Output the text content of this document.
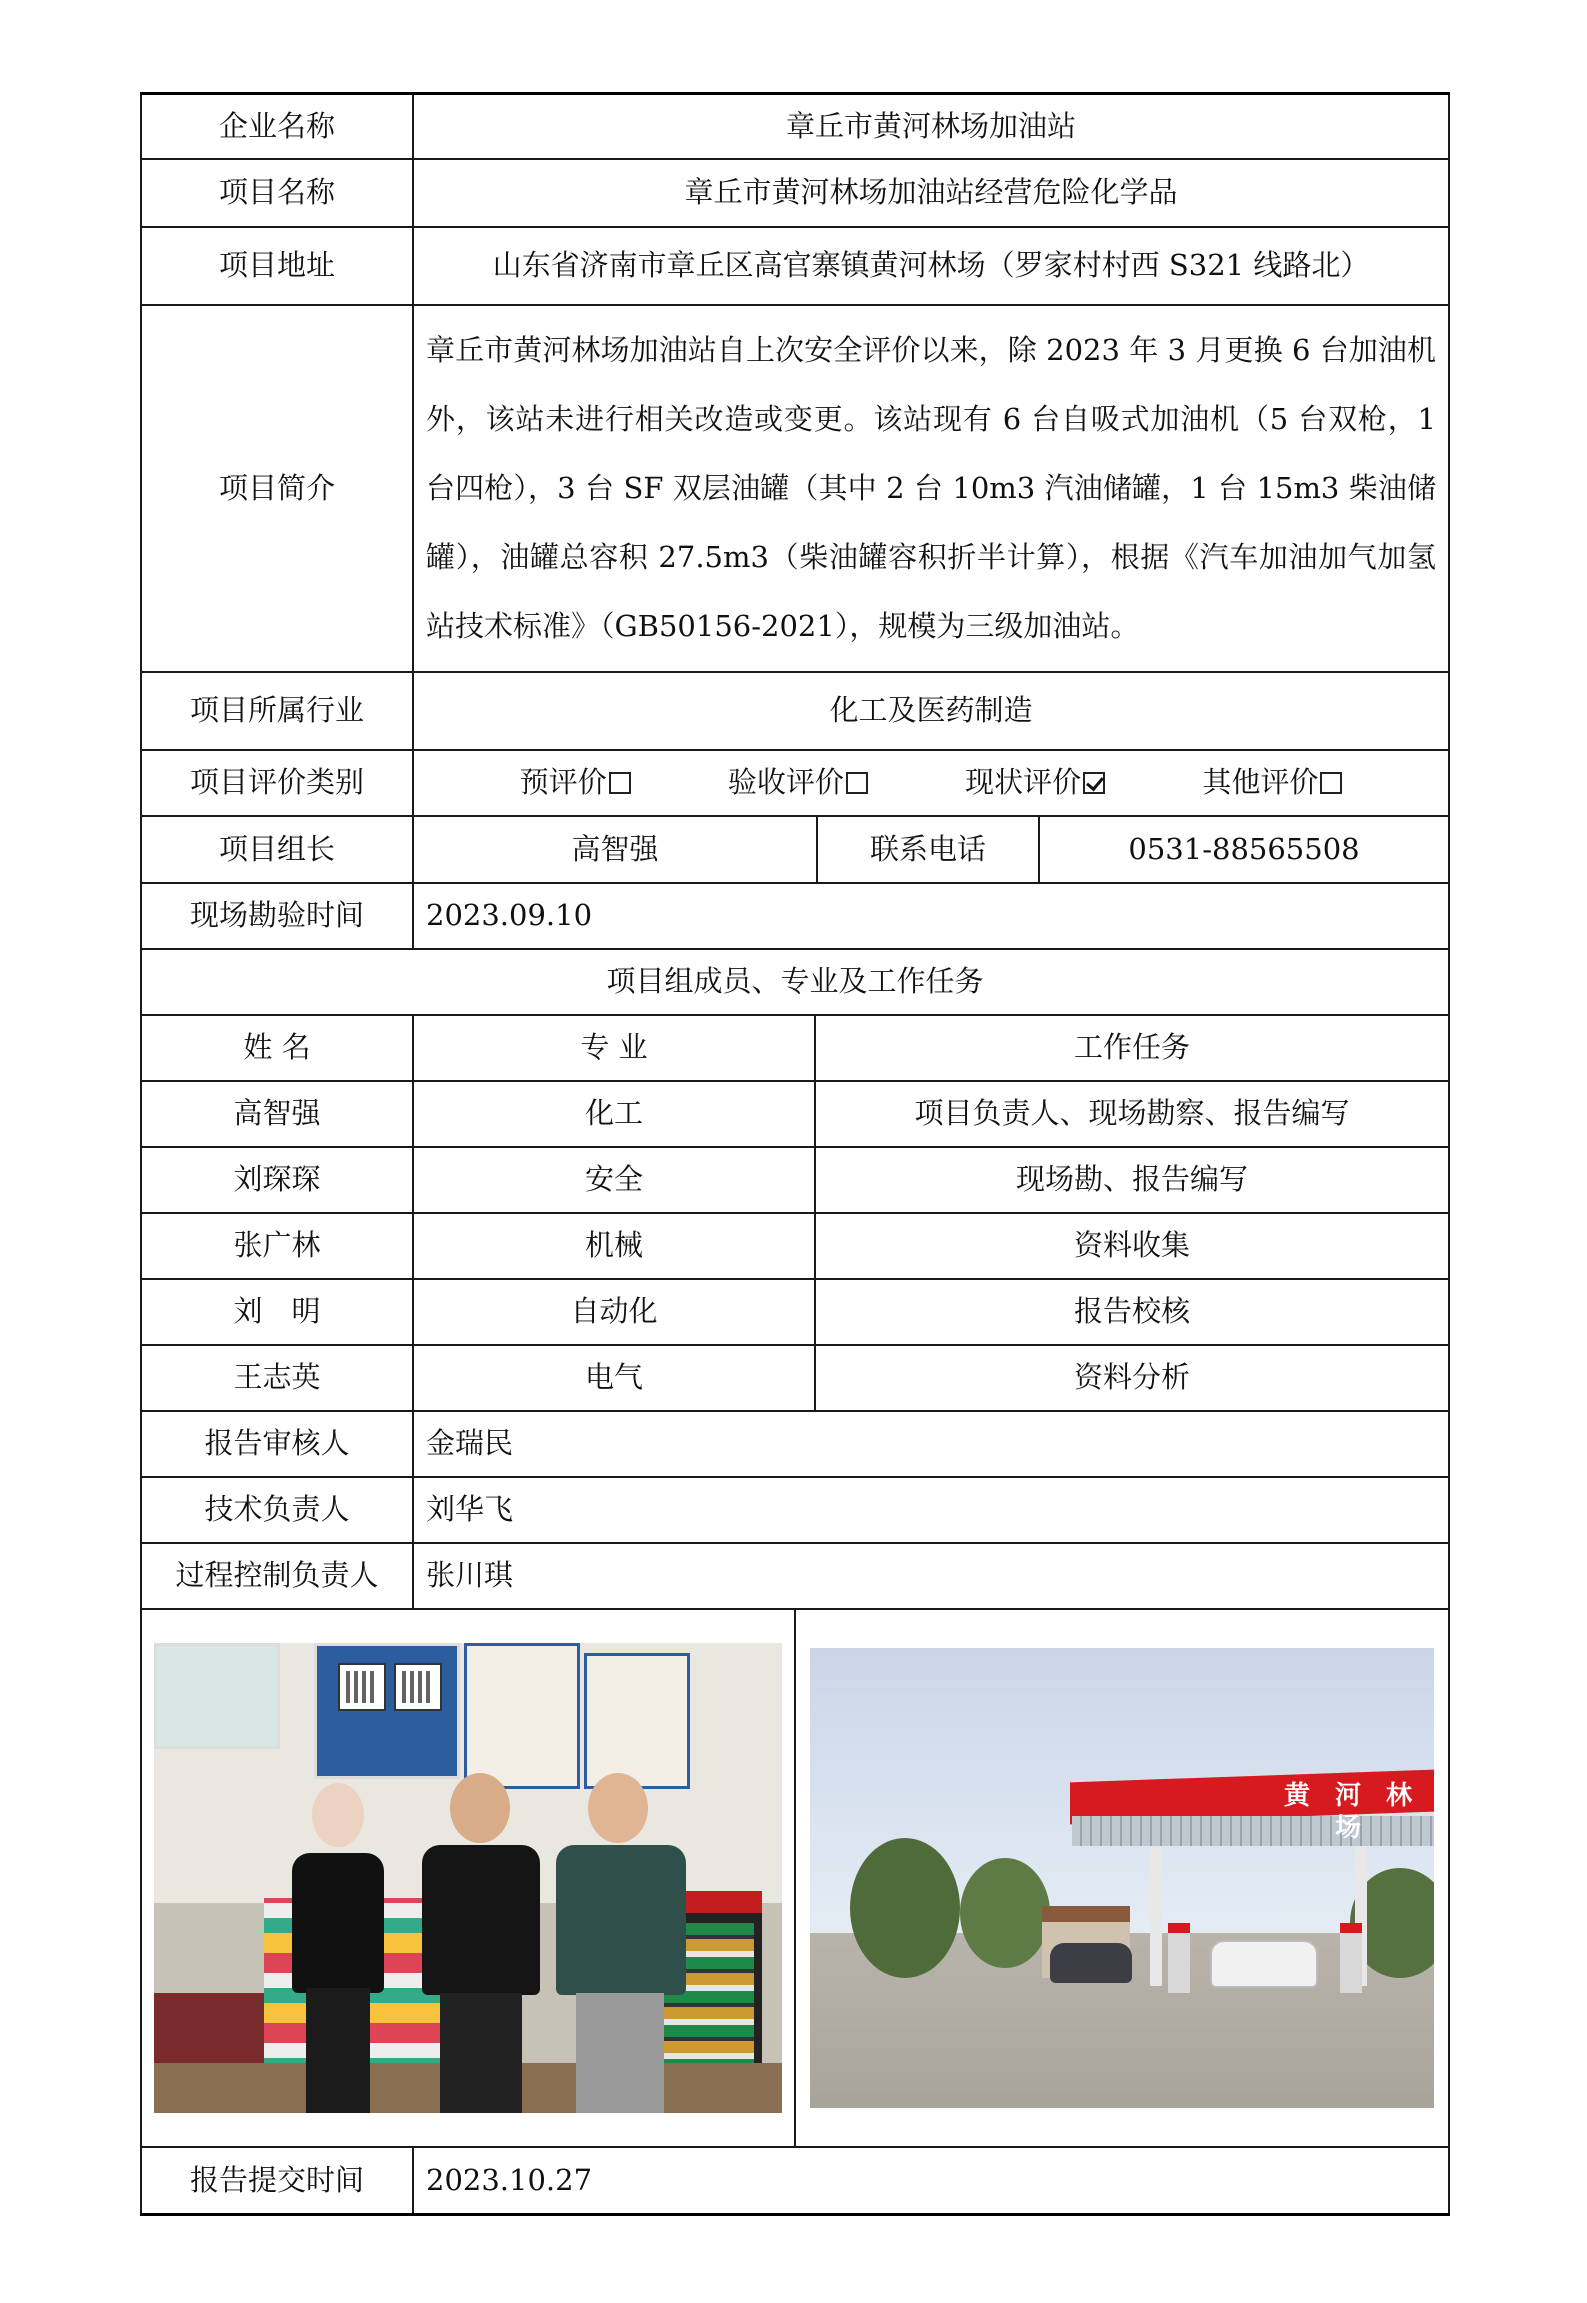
企业名称	章丘市黄河林场加油站		
项目名称	章丘市黄河林场加油站经营危险化学品		
项目地址	山东省济南市章丘区高官寨镇黄河林场（罗家村村西 S321 线路北）		
项目简介	章丘市黄河林场加油站自上次安全评价以来，除 2023 年 3 月更换 6 台加油机外，该站未进行相关改造或变更。该站现有 6 台自吸式加油机（5 台双枪，1 台四枪），3 台 SF 双层油罐（其中 2 台 10m3 汽油储罐，1 台 15m3 柴油储罐），油罐总容积 27.5m3（柴油罐容积折半计算），根据《汽车加油加气加氢站技术标准》（GB50156-2021），规模为三级加油站。		
项目所属行业	化工及医药制造		
项目评价类别	预评价 验收评价 现状评价 其他评价		
项目组长	高智强	联系电话	0531-88565508
现场勘验时间	2023.09.10		
项目组成员、专业及工作任务		
姓 名	专 业	工作任务
高智强	化工	项目负责人、现场勘察、报告编写
刘琛琛	安全	现场勘、报告编写
张广林	机械	资料收集
刘　明	自动化	报告校核
王志英	电气	资料分析
报告审核人	金瑞民	
技术负责人	刘华飞	
过程控制负责人	张川琪	

黄 河 林 场
报告提交时间	2023.10.27
